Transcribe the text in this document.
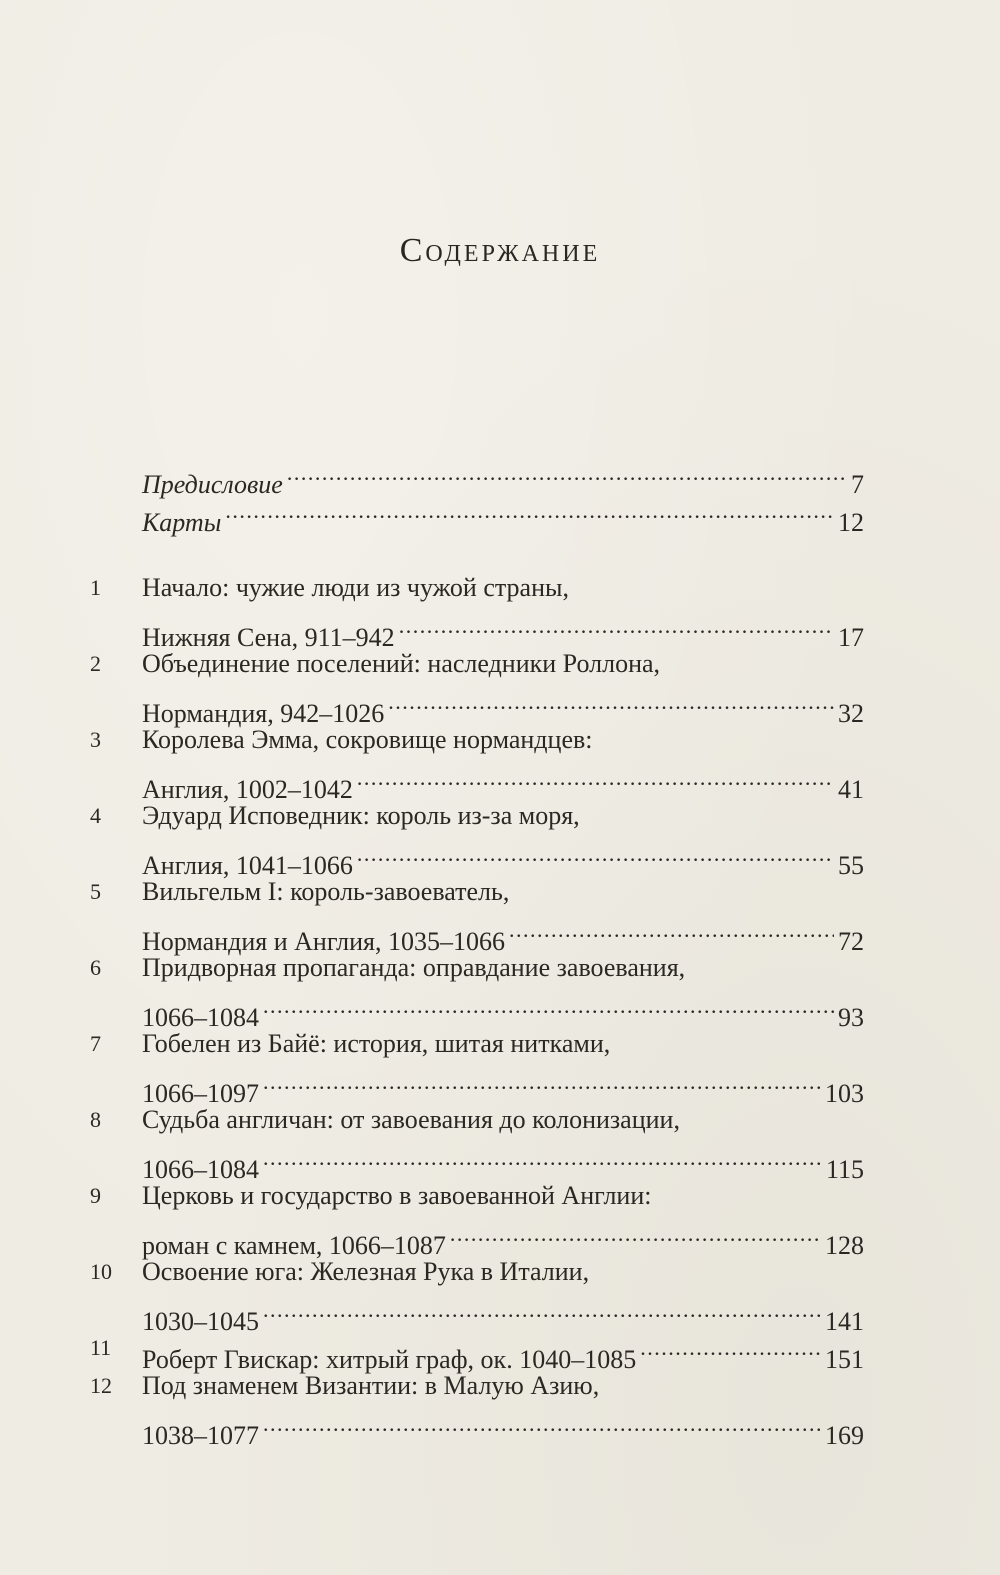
Содержание
Предисловие . . .	7
Карты . . .	12
1	Начало: чужие люди из чужой страны,
Нижняя Сена, 911–942 . . .	17
2	Объединение поселений: наследники Роллона,
Нормандия, 942–1026 . . .	32
3	Королева Эмма, сокровище нормандцев:
Англия, 1002–1042 . . .	41
4	Эдуард Исповедник: король из-за моря,
Англия, 1041–1066 . . .	55
5	Вильгельм I: король-завоеватель,
Нормандия и Англия, 1035–1066 . . .	72
6	Придворная пропаганда: оправдание завоевания,
1066–1084 . . .	93
7	Гобелен из Байё: история, шитая нитками,
1066–1097 . . .	103
8	Судьба англичан: от завоевания до колонизации,
1066–1084 . . .	115
9	Церковь и государство в завоеванной Англии:
роман с камнем, 1066–1087 . . .	128
10	Освоение юга: Железная Рука в Италии,
1030–1045 . . .	141
11	Роберт Гвискар: хитрый граф, ок. 1040–1085 . . .	151
12	Под знаменем Византии: в Малую Азию,
1038–1077 . . .	169
